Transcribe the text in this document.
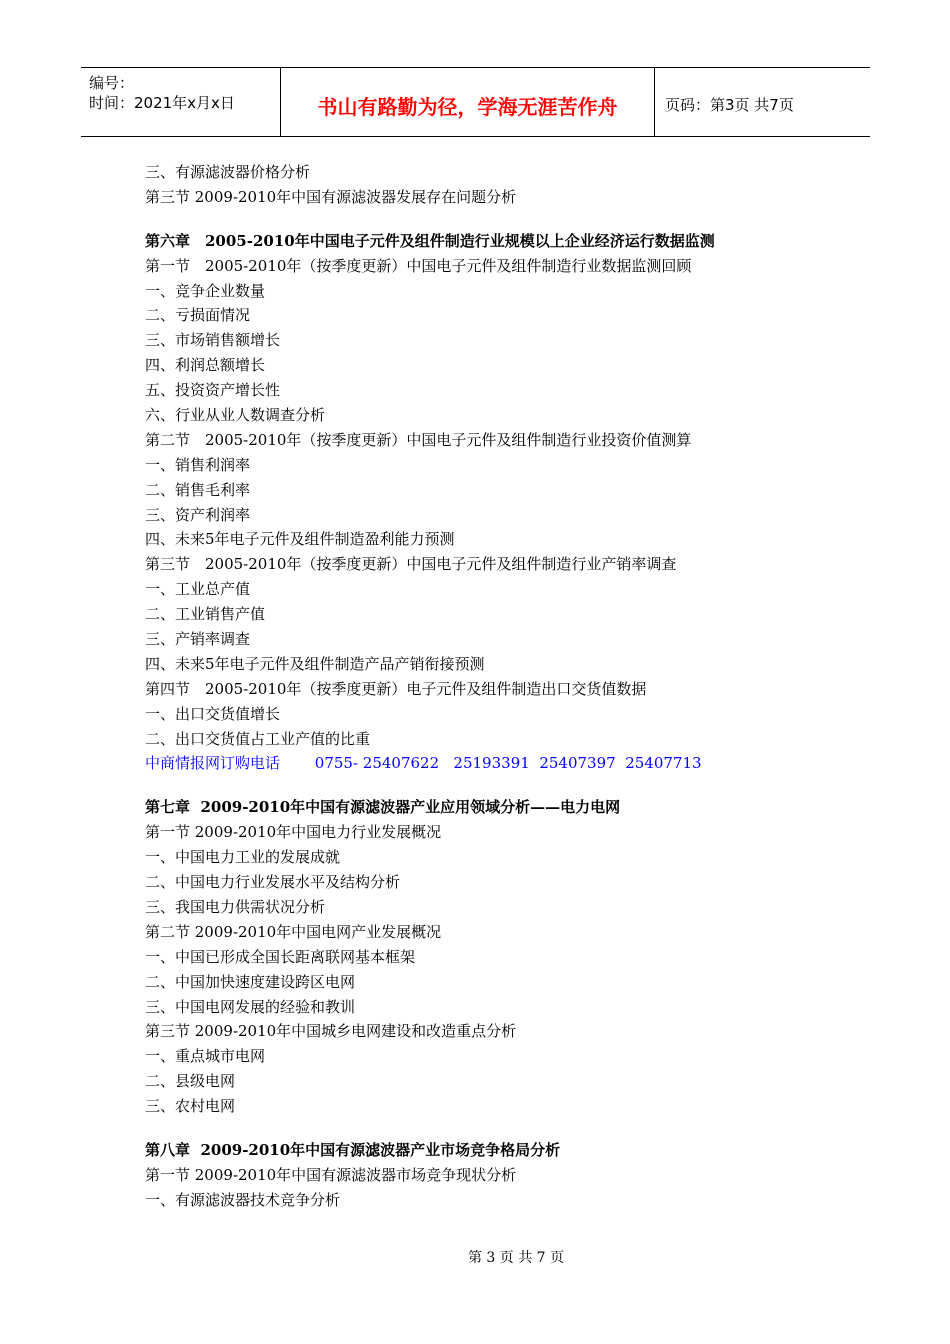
编号：
时间：2021年x月x日	书山有路勤为径，学海无涯苦作舟	页码：第3页 共7页
三、有源滤波器价格分析
第三节 2009-2010年中国有源滤波器发展存在问题分析
第六章　2005-2010年中国电子元件及组件制造行业规模以上企业经济运行数据监测
第一节　2005-2010年（按季度更新）中国电子元件及组件制造行业数据监测回顾
一、竞争企业数量
二、亏损面情况
三、市场销售额增长
四、利润总额增长
五、投资资产增长性
六、行业从业人数调查分析
第二节　2005-2010年（按季度更新）中国电子元件及组件制造行业投资价值测算
一、销售利润率
二、销售毛利率
三、资产利润率
四、未来5年电子元件及组件制造盈利能力预测
第三节　2005-2010年（按季度更新）中国电子元件及组件制造行业产销率调查
一、工业总产值
二、工业销售产值
三、产销率调查
四、未来5年电子元件及组件制造产品产销衔接预测
第四节　2005-2010年（按季度更新）电子元件及组件制造出口交货值数据
一、出口交货值增长
二、出口交货值占工业产值的比重
中商情报网订购电话　　 0755- 25407622   25193391  25407397  25407713
第七章  2009-2010年中国有源滤波器产业应用领域分析——电力电网
第一节 2009-2010年中国电力行业发展概况
一、中国电力工业的发展成就
二、中国电力行业发展水平及结构分析
三、我国电力供需状况分析
第二节 2009-2010年中国电网产业发展概况
一、中国已形成全国长距离联网基本框架
二、中国加快速度建设跨区电网
三、中国电网发展的经验和教训
第三节 2009-2010年中国城乡电网建设和改造重点分析
一、重点城市电网
二、县级电网
三、农村电网
第八章  2009-2010年中国有源滤波器产业市场竞争格局分析
第一节 2009-2010年中国有源滤波器市场竞争现状分析
一、有源滤波器技术竞争分析
第 3 页 共 7 页
